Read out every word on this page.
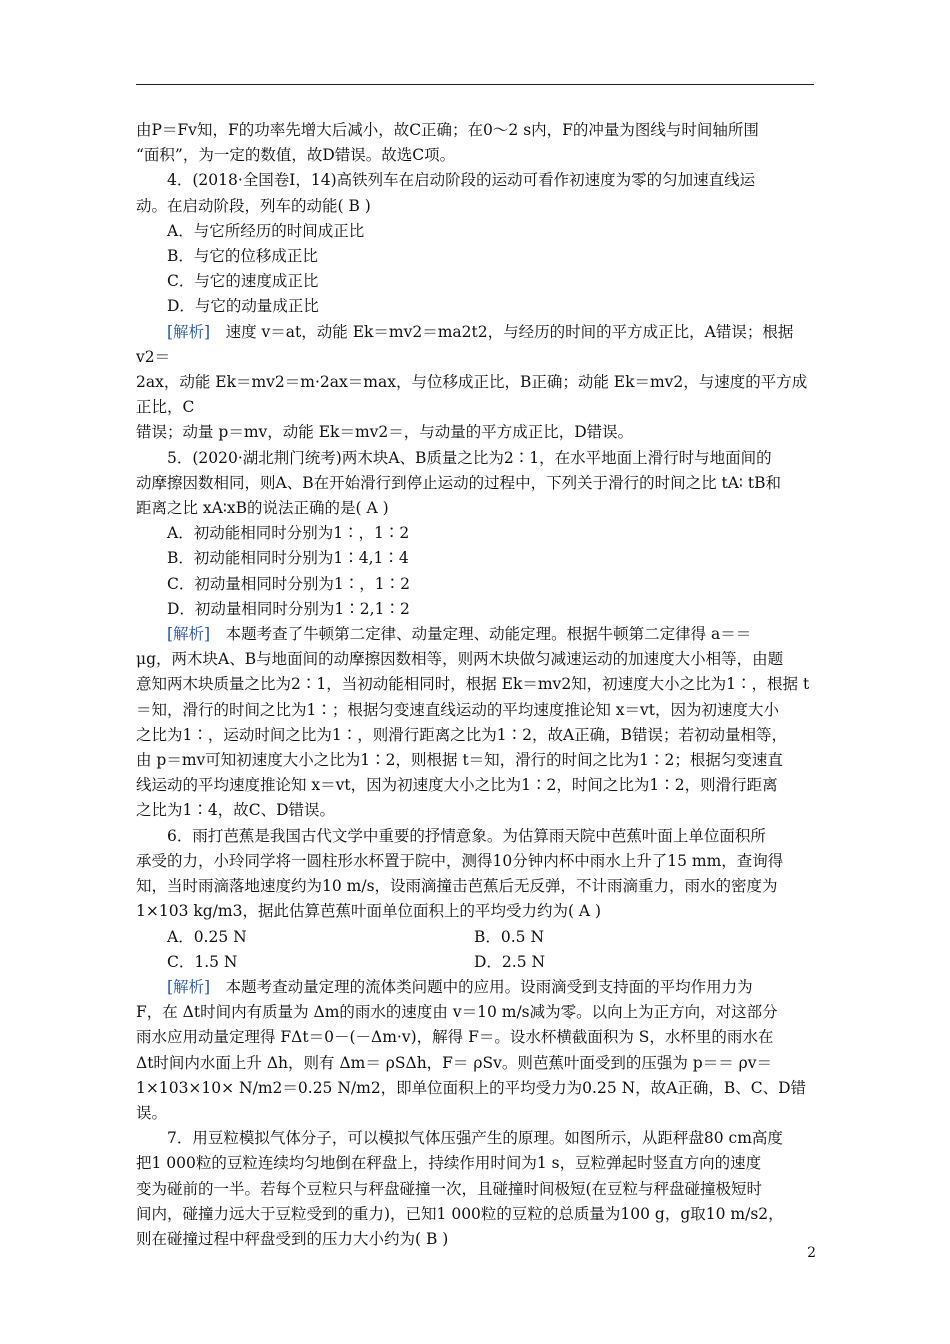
由P＝Fv知，F的功率先增大后减小，故C正确；在0～2 s内，F的冲量为图线与时间轴所围

“面积”，为一定的数值，故D错误。故选C项。

4．(2018·全国卷Ⅰ，14)高铁列车在启动阶段的运动可看作初速度为零的匀加速直线运

动。在启动阶段，列车的动能( B )

A．与它所经历的时间成正比

B．与它的位移成正比

C．与它的速度成正比

D．与它的动量成正比

[解析]　 速度 v＝at，动能 Ek＝mv2＝ma2t2，与经历的时间的平方成正比，A错误；根据 v2＝

2ax，动能 Ek＝mv2＝m·2ax＝max，与位移成正比，B正确；动能 Ek＝mv2，与速度的平方成正比，C

错误；动量 p＝mv，动能 Ek＝mv2＝，与动量的平方成正比，D错误。

5．(2020·湖北荆门统考)两木块A、B质量之比为2∶1，在水平地面上滑行时与地面间的

动摩擦因数相同，则A、B在开始滑行到停止运动的过程中，下列关于滑行的时间之比 tA∶ tB和

距离之比 xA∶xB的说法正确的是( A )

A．初动能相同时分别为1∶，1∶2

B．初动能相同时分别为1∶4,1∶4

C．初动量相同时分别为1∶，1∶2

D．初动量相同时分别为1∶2,1∶2

[解析]　 本题考查了牛顿第二定律、动量定理、动能定理。根据牛顿第二定律得 a＝＝

μg，两木块A、B与地面间的动摩擦因数相等，则两木块做匀减速运动的加速度大小相等，由题

意知两木块质量之比为2∶1，当初动能相同时，根据 Ek＝mv2知，初速度大小之比为1∶，根据 t

＝知，滑行的时间之比为1∶；根据匀变速直线运动的平均速度推论知 x＝vt，因为初速度大小

之比为1∶，运动时间之比为1∶，则滑行距离之比为1∶2，故A正确，B错误；若初动量相等，

由 p＝mv可知初速度大小之比为1∶2，则根据 t＝知，滑行的时间之比为1∶2；根据匀变速直

线运动的平均速度推论知 x＝vt，因为初速度大小之比为1∶2，时间之比为1∶2，则滑行距离

之比为1∶4，故C、D错误。

6．雨打芭蕉是我国古代文学中重要的抒情意象。为估算雨天院中芭蕉叶面上单位面积所

承受的力，小玲同学将一圆柱形水杯置于院中，测得10分钟内杯中雨水上升了15 mm，查询得

知，当时雨滴落地速度约为10 m/s，设雨滴撞击芭蕉后无反弹，不计雨滴重力，雨水的密度为

1×103 kg/m3，据此估算芭蕉叶面单位面积上的平均受力约为( A )

A．0.25 N	B．0.5 N
C．1.5 N	D．2.5 N

[解析]　 本题考查动量定理的流体类问题中的应用。设雨滴受到支持面的平均作用力为

F，在 Δt时间内有质量为 Δm的雨水的速度由 v＝10 m/s减为零。以向上为正方向，对这部分

雨水应用动量定理得 FΔt＝0－(－Δm·v)，解得 F＝。设水杯横截面积为 S，水杯里的雨水在

Δt时间内水面上升 Δh，则有 Δm＝ ρSΔh，F＝ ρSv。则芭蕉叶面受到的压强为 p＝＝ ρv＝

1×103×10× N/m2＝0.25 N/m2，即单位面积上的平均受力为0.25 N，故A正确，B、C、D错误。

7．用豆粒模拟气体分子，可以模拟气体压强产生的原理。如图所示，从距秤盘80 cm高度

把1 000粒的豆粒连续均匀地倒在秤盘上，持续作用时间为1 s，豆粒弹起时竖直方向的速度

变为碰前的一半。若每个豆粒只与秤盘碰撞一次，且碰撞时间极短(在豆粒与秤盘碰撞极短时

间内，碰撞力远大于豆粒受到的重力)，已知1 000粒的豆粒的总质量为100 g，g取10 m/s2，

则在碰撞过程中秤盘受到的压力大小约为( B )

2
